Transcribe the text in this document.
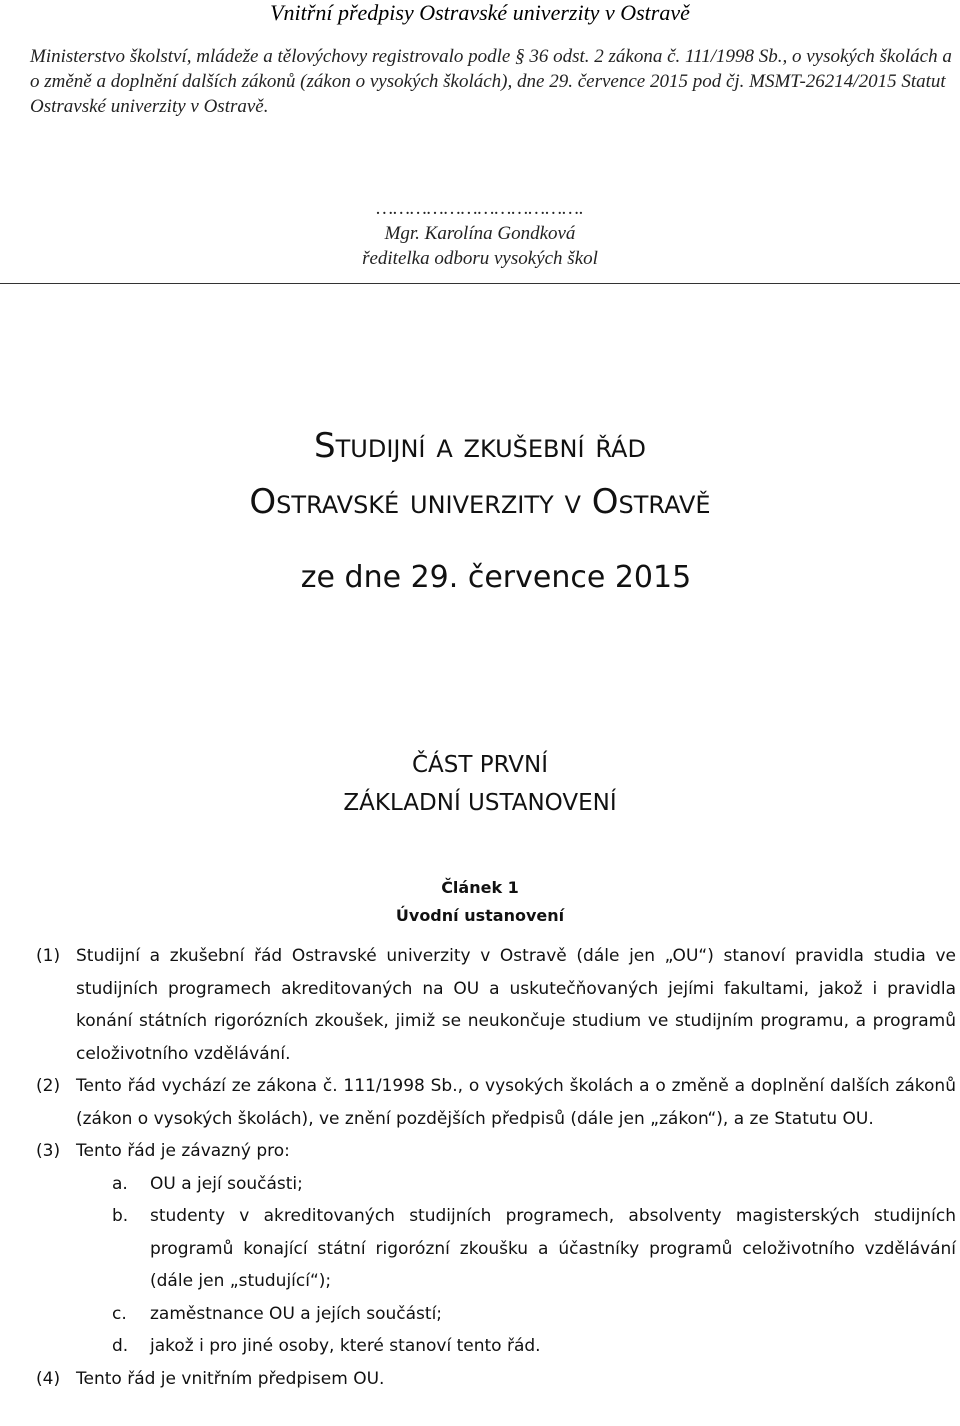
Vnitřní předpisy Ostravské univerzity v Ostravě
Ministerstvo školství, mládeže a tělovýchovy registrovalo podle § 36 odst. 2 zákona č. 111/1998 Sb., o vysokých školách a o změně a doplnění dalších zákonů (zákon o vysokých školách), dne 29. července 2015 pod čj. MSMT-26214/2015 Statut Ostravské univerzity v Ostravě.
……………………………….
Mgr. Karolína Gondková
ředitelka odboru vysokých škol
Studijní a zkušební řád
Ostravské univerzity v Ostravě
ze dne 29. července 2015
ČÁST PRVNÍ
ZÁKLADNÍ USTANOVENÍ
Článek 1
Úvodní ustanovení
(1) Studijní a zkušební řád Ostravské univerzity v Ostravě (dále jen „OU“) stanoví pravidla studia ve studijních programech akreditovaných na OU a uskutečňovaných jejími fakultami, jakož i pravidla konání státních rigorózních zkoušek, jimiž se neukončuje studium ve studijním programu, a programů celoživotního vzdělávání.
(2) Tento řád vychází ze zákona č. 111/1998 Sb., o vysokých školách a o změně a doplnění dalších zákonů (zákon o vysokých školách), ve znění pozdějších předpisů (dále jen „zákon“), a ze Statutu OU.
(3) Tento řád je závazný pro:
a. OU a její součásti;
b. studenty v akreditovaných studijních programech, absolventy magisterských studijních programů konající státní rigorózní zkoušku a účastníky programů celoživotního vzdělávání (dále jen „studující“);
c. zaměstnance OU a jejích součástí;
d. jakož i pro jiné osoby, které stanoví tento řád.
(4) Tento řád je vnitřním předpisem OU.
